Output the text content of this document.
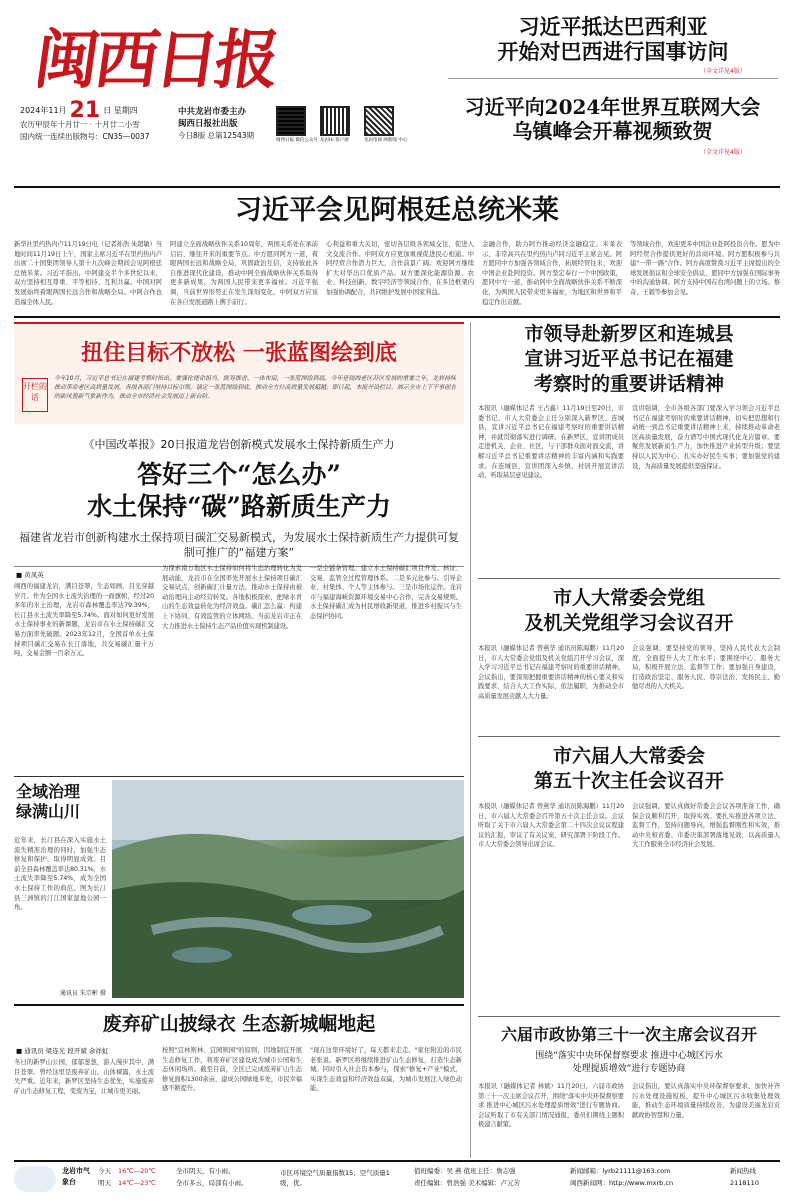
闽西日报
2024年11月 21 日 星期四
农历甲辰年十月廿一 · 十月廿二小雪
国内统一连续出版物号：CN35—0037
中共龙岩市委主办
闽西日报社出版
今日8版 总第12543期
闽西日报 微信公众号 龙岩Hi 客户端	龙岩电视 网新闻 中心
习近平抵达巴西利亚
开始对巴西进行国事访问
（全文详见4版）
习近平向2024年世界互联网大会
乌镇峰会开幕视频致贺
（全文详见4版）
习近平会见阿根廷总统米莱
新华社里约热内卢11月19日电（记者孙浩 朱超敏）当地时间11月19日上午，国家主席习近平在里约热内卢出席二十国集团领导人第十九次峰会期间会见阿根廷总统米莱。习近平指出，中阿建交半个多世纪以来，双方坚持相互尊重、平等相待、互利共赢。中国对阿发展始终着眼两国长远合作和战略全局。中阿合作也造福全体人民。
阿建立全面战略伙伴关系10周年，两国关系处在承前启后、继往开来的重要节点。中方愿同阿方一道，着眼两国长远和战略全局，巩固政治互信，支持彼此各自推进现代化建设，推动中阿全面战略伙伴关系取得更多新成果，为两国人民带来更多福祉。习近平强调，当前世界形势正在发生深刻变化，中阿双方应该在各自发展道路上携手前行。
心利益和重大关切，密切各层级各领域交往，促进人文交流合作。中阿双方应更加重视促进民心相通。中阿经贸合作潜力巨大，合作前景广阔。欢迎阿方继续扩大对华出口优质产品。双方要深化能源资源、农业、科技创新、数字经济等领域合作，在多边框架内加强协调配合，共同维护发展中国家利益。
金融合作，助力阿方推动经济金融稳定。米莱表示，非常高兴在里约热内卢同习近平主席会见。阿方愿同中方加强各领域合作，拓展经贸往来，欢迎中国企业赴阿投资。阿方坚定奉行一个中国政策，愿同中方一道，推动阿中全面战略伙伴关系不断深化，为两国人民带来更多福祉，为地区和世界和平稳定作出贡献。
等领域合作，欢迎更多中国企业赴阿投资合作。愿为中阿经贸合作提供更好的营商环境。阿方愿积极参与共建"一带一路"合作。阿方高度赞赏习近平主席提出的全球发展倡议和全球安全倡议，愿同中方加强在国际事务中的沟通协调。阿方支持中国在台湾问题上的立场。蔡奇、王毅等参加会见。
扭住目标不放松 一张蓝图绘到底
开栏的话
今年10月，习近平总书记在福建考察时指出，要强化使命担当，统筹推进、一体布局，一张蓝图绘到底。今年是闽西老区苏区发展的重要之年，龙岩持续推动革命老区高质量发展，各级各部门坚持目标引领，锚定一张蓝图绘到底，推动全方位高质量发展超越。即日起，本报开设栏目，展示全市上下干事创业的新风貌新气象新作为，推动全市经济社会发展迈上新台阶。
《中国改革报》20日报道龙岩创新模式发展水土保持新质生产力
答好三个“怎么办”
水土保持“碳”路新质生产力
福建省龙岩市创新构建水土保持项目碳汇交易新模式，为发展水土保持新质生产力提供可复制可推广的“福建方案”
■ 黄凤英
闽西的福建龙岩，满目苍翠，生态如画，目光穿越岁月。作为全国水土流失治理的一面旗帜，经过20多年的水土治理，龙岩市森林覆盖率达79.39%，长汀县水土流失率降至5.74%。面对如何更好发展水土保持事业的新课题，龙岩市在水土保持碳汇交易方面率先破题。2023年12月，全国首单水土保持项目碳汇交易在长汀落地，共交易碳汇量十万吨，交易金额一百余万元。
为探索南方地区水土保持如何将生态治理转化为发展动能，龙岩市在全国率先开展水土保持项目碳汇交易试点，创新碳汇计量方法，推动水土保持由被动治理向主动经营转变。各地积极探索，把绿水青山的生态效益转化为经济效益。碳汇怎么赢：构建上下协同、有效监管的立体网络。当前龙岩市正在大力推进水土保持生态产品价值实现机制建设。
一是全链条管理。建立水土保持碳汇项目开发、核证、交易、监管全过程管理体系。二是多元化参与。引导企业、村集体、个人等主体参与。三是市场化运作。龙岩市与福建海峡资源环境交易中心合作，完善交易规则。水土保持碳汇成为村民增收新渠道，推进乡村振兴与生态保护协同。
全域治理
绿满山川
近年来，长汀县在深入实施水土流失精准治理的同时，加强生态修复和保护，取得明显成效。目前全县森林覆盖率达80.31%，水土流失率降至5.74%，成为全国水土保持工作的典范。图为长汀县三洲镇的汀江国家湿地公园一角。
通讯员 朱宗彬 摄
废弃矿山披绿衣 生态新城崛地起
■ 通讯员 梁连光 段开斌 余祥虹
冬日的新罗山公园，郁郁葱葱，游人漫步其中，满目苍翠。曾经这里是废弃矿山，山体裸露，水土流失严重。近年来，新罗区坚持生态优先，实施废弃矿山生态修复工程，变废为宝，让城市更美丽。
按照"宜林则林、宜园则园"的原则，因地制宜开展生态修复工作，将废弃矿区建设成为城市公园和生态休闲场所。截至目前，全区已完成废弃矿山生态修复面积1300余亩，建成公园绿地多处，市民幸福感不断提升。
"现在这里环境好了，每天都来走走。"家住附近的市民老张说。新罗区将继续推进矿山生态修复，打造生态新城。同时引入社会资本参与，探索"修复+产业"模式，实现生态效益和经济效益双赢，为城市发展注入绿色动能。
市领导赴新罗区和连城县
宣讲习近平总书记在福建
考察时的重要讲话精神
本报讯（融媒体记者 王占鑫）11月19日至20日，市委书记、市人大常委会主任分别深入新罗区、连城县，宣讲习近平总书记在福建考察时的重要讲话精神，并就贯彻落实进行调研。在新罗区，宣讲团成员走进机关、企业、社区，与干部群众面对面交流，讲解习近平总书记重要讲话精神的丰富内涵和实践要求。在连城县，宣讲团深入乡镇、村居开展宣讲活动，听取基层意见建议。
宣讲强调，全市各级各部门要深入学习领会习近平总书记在福建考察时的重要讲话精神，切实把思想和行动统一到总书记重要讲话精神上来，持续推动革命老区高质量发展，奋力谱写中国式现代化龙岩篇章。要聚焦发展新质生产力，加快推进产业转型升级；要坚持以人民为中心，扎实办好民生实事；要加强党的建设，为高质量发展提供坚强保证。
市人大常委会党组
及机关党组学习会议召开
本报讯（融媒体记者 曾燕华 通讯员陈海鹏）11月20日，市人大常委会党组及机关党组召开学习会议，深入学习习近平总书记在福建考察时的重要讲话精神。会议指出，要深刻把握重要讲话精神的核心要义和实践要求，结合人大工作实际，依法履职，为推动全市高质量发展贡献人大力量。
会议强调，要坚持党的领导，坚持人民代表大会制度，全面提升人大工作水平；要围绕中心、服务大局，积极开展立法、监督等工作；要加强自身建设，打造政治坚定、服务人民、尊崇法治、发扬民主、勤勉尽责的人大机关。
市六届人大常委会
第五十次主任会议召开
本报讯（融媒体记者 曾燕华 通讯员陈海鹏）11月20日，市六届人大常委会召开第五十次主任会议。会议听取了关于市六届人大常委会第二十四次会议议程建议的汇报，审议了有关议案，研究部署下阶段工作。市人大常委会领导出席会议。
会议强调，要认真做好常委会会议各项准备工作，确保会议顺利召开，取得实效。要扎实推进各项立法、监督工作，坚持问题导向，增强监督刚性和实效，推动中央和省委、市委决策部署落地见效，以高质量人大工作服务全市经济社会发展。
六届市政协第三十一次主席会议召开
围绕“落实中央环保督察要求 推进中心城区污水
处理提质增效”进行专题协商
本报讯（融媒体记者 林斌）11月20日，六届市政协第三十一次主席会议召开，围绕"落实中央环保督察要求 推进中心城区污水处理提质增效"进行专题协商。会议听取了市有关部门情况通报，委员们围绕主题积极建言献策。
会议指出，要认真落实中央环保督察要求，加快补齐污水处理设施短板，提升中心城区污水收集处理效能，推动生态环境质量持续改善，为建设美丽龙岩贡献政协智慧和力量。
龙岩市气象台
今天 16℃—20℃	全市阴天，有小雨。
明天 14℃—23℃	全市多云，局部有小雨。
市区环境空气质量指数15；空气质量1级，优。
值班编委：吴 燕 值班主任：詹志强
责任编辑：曾浩强 美术编辑：卢元芳
新闻邮箱：lyrb21111@163.com
闽西新闻网：http://www.mxrb.cn
新闻热线
2118110
